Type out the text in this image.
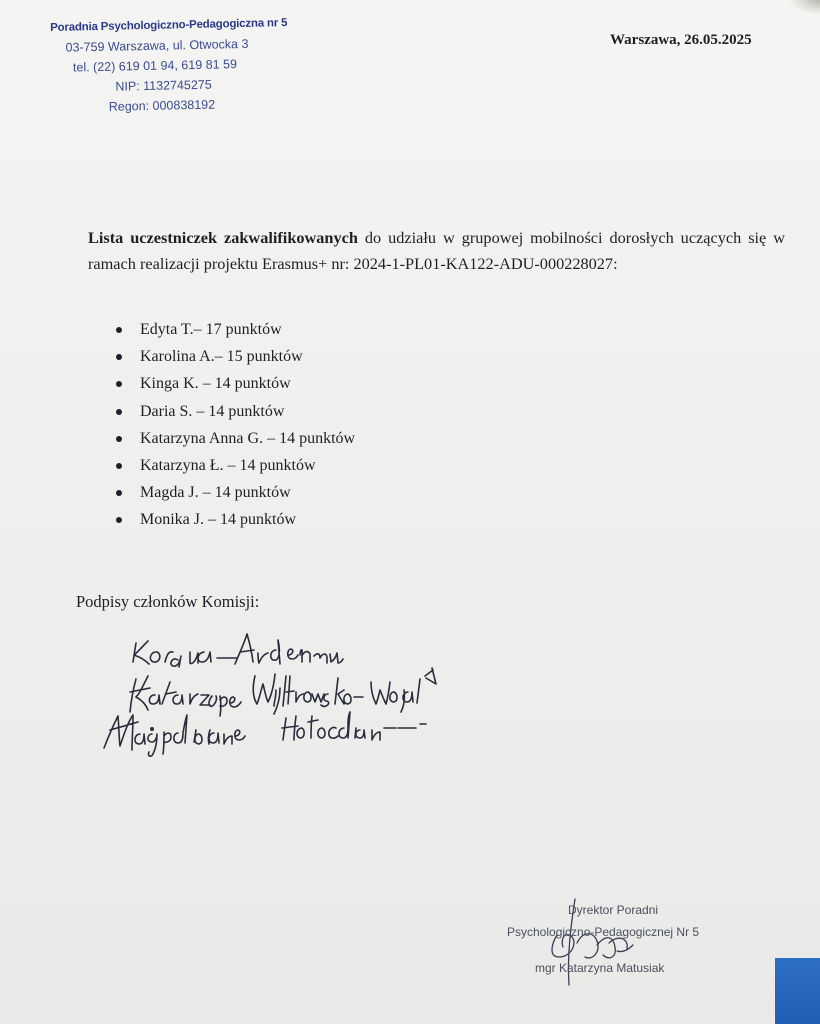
Poradnia Psychologiczno-Pedagogiczna nr 5
03-759 Warszawa, ul. Otwocka 3
tel. (22) 619 01 94, 619 81 59
NIP: 1132745275
Regon: 000838192
Warszawa, 26.05.2025
Lista uczestniczek zakwalifikowanych do udziału w grupowej mobilności dorosłych uczących się w ramach realizacji projektu Erasmus+ nr: 2024-1-PL01-KA122-ADU-000228027:
Edyta T.– 17 punktów
Karolina A.– 15 punktów
Kinga K. – 14 punktów
Daria S. – 14 punktów
Katarzyna Anna G. – 14 punktów
Katarzyna Ł. – 14 punktów
Magda J. – 14 punktów
Monika J. – 14 punktów
Podpisy członków Komisji:
Dyrektor Poradni
Psychologiczno-Pedagogicznej Nr 5
mgr Katarzyna Matusiak
